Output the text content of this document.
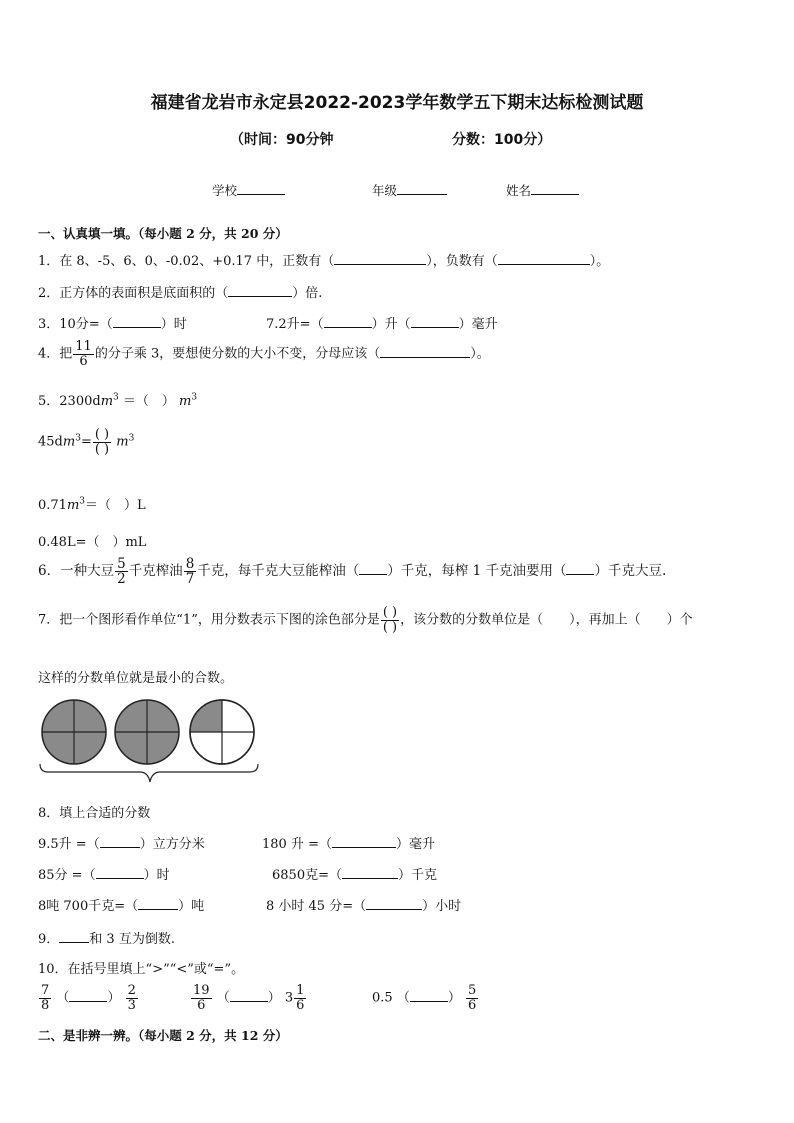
福建省龙岩市永定县2022-2023学年数学五下期末达标检测试题
（时间：90分钟	分数：100分）
学校	年级	姓名
一、认真填一填。（每小题 2 分，共 20 分）
1．在 8、-5、6、0、-0.02、+0.17 中，正数有（	），负数有（	）。
2．正方体的表面积是底面积的（	）倍.
3．10分=（	）时	7.2升=（	）升（	）毫升
4．把 $\frac{11}{6}$ 的分子乘 3，要想使分数的大小不变，分母应该（	）。
5．$2300dm^3$ ＝（　） $m^3$
$45dm^3= \frac{( )}{( )} m^3$
$0.71m^3=$（　）L
0.48L=（　）mL
6．一种大豆 $\frac{5}{2}$ 千克榨油 $\frac{8}{7}$ 千克，每千克大豆能榨油（ ）千克，每榨 1 千克油要用（ ）千克大豆.
7．把一个图形看作单位“1”，用分数表示下图的涂色部分是 $\frac{( )}{( )}$ ，该分数的分数单位是（　　），再加上（　　）个
这样的分数单位就是最小的合数。
8．填上合适的分数
9.5升 =（	）立方分米	180 升 =（	）毫升
85分 =（	）时	6850克=（	）千克
8吨 700千克=（	）吨	8 小时 45 分=（	）小时
9． 和 3 互为倒数.
10．在括号里填上“>”“<”或“=”。
$\frac{7}{8}$ （	） $\frac{2}{3}$	$\frac{19}{6}$ （	） $3 \frac{1}{6}$	0.5 （	） $\frac{5}{6}$
二、是非辨一辨。（每小题 2 分，共 12 分）
